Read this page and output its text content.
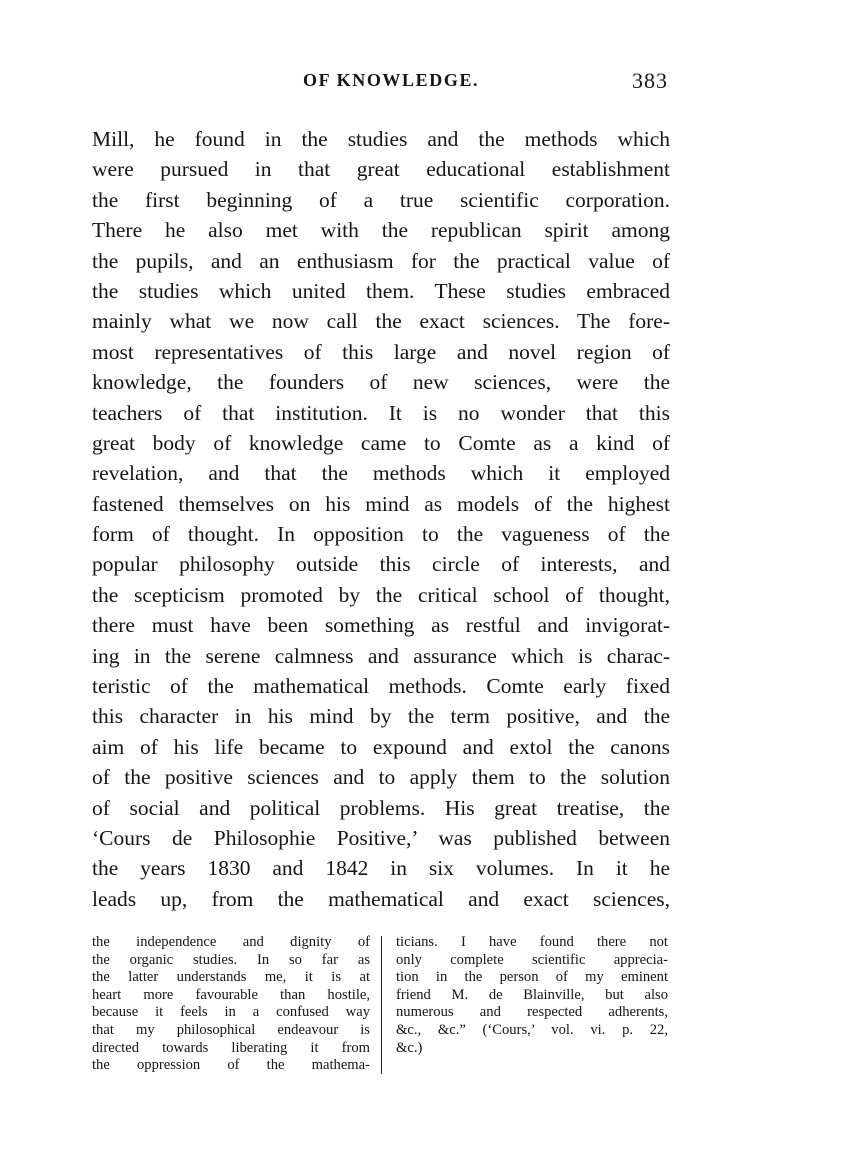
OF KNOWLEDGE.	383
Mill, he found in the studies and the methods which
were pursued in that great educational establishment
the first beginning of a true scientific corporation.
There he also met with the republican spirit among
the pupils, and an enthusiasm for the practical value of
the studies which united them. These studies embraced
mainly what we now call the exact sciences. The fore-
most representatives of this large and novel region of
knowledge, the founders of new sciences, were the
teachers of that institution. It is no wonder that this
great body of knowledge came to Comte as a kind of
revelation, and that the methods which it employed
fastened themselves on his mind as models of the highest
form of thought. In opposition to the vagueness of the
popular philosophy outside this circle of interests, and
the scepticism promoted by the critical school of thought,
there must have been something as restful and invigorat-
ing in the serene calmness and assurance which is charac-
teristic of the mathematical methods. Comte early fixed
this character in his mind by the term positive, and the
aim of his life became to expound and extol the canons
of the positive sciences and to apply them to the solution
of social and political problems. His great treatise, the
‘Cours de Philosophie Positive,’ was published between
the years 1830 and 1842 in six volumes. In it he
leads up, from the mathematical and exact sciences,
the independence and dignity of
the organic studies. In so far as
the latter understands me, it is at
heart more favourable than hostile,
because it feels in a confused way
that my philosophical endeavour is
directed towards liberating it from
the oppression of the mathema-
ticians. I have found there not
only complete scientific apprecia-
tion in the person of my eminent
friend M. de Blainville, but also
numerous and respected adherents,
&c., &c.” (‘Cours,’ vol. vi. p. 22,
&c.)
